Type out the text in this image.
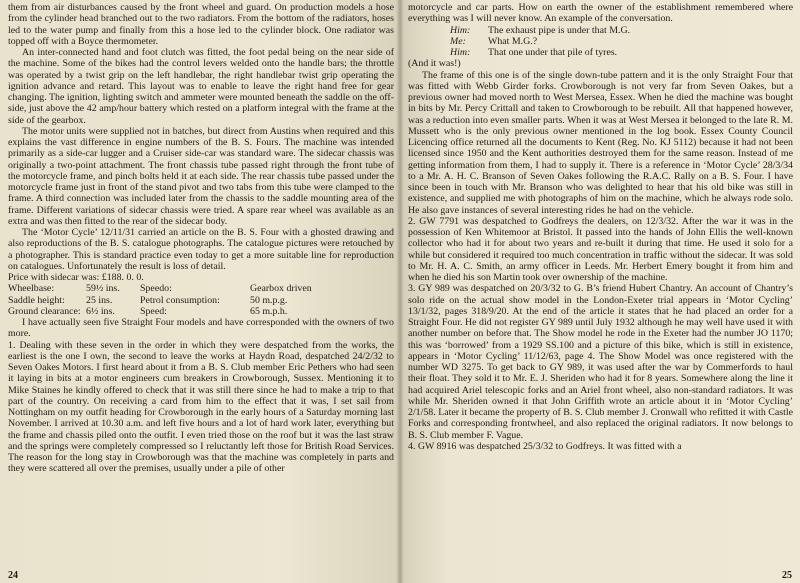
them from air disturbances caused by the front wheel and guard. On production models a hose from the cylinder head branched out to the two radiators. From the bottom of the radiators, hoses led to the water pump and finally from this a hose led to the cylinder block. One radiator was topped off with a Boyce thermometer.

An inter-connected hand and foot clutch was fitted, the foot pedal being on the near side of the machine. Some of the bikes had the control levers welded onto the handle bars; the throttle was operated by a twist grip on the left handlebar, the right handlebar twist grip operating the ignition advance and retard. This layout was to enable to leave the right hand free for gear changing. The ignition, lighting switch and ammeter were mounted beneath the saddle on the off-side, just above the 42 amp/hour battery which rested on a platform integral with the frame at the side of the gearbox.

The motor units were supplied not in batches, but direct from Austins when required and this explains the vast difference in engine numbers of the B. S. Fours. The machine was intended primarily as a side-car lugger and a Cruiser side-car was standard ware. The sidecar chassis was originally a two-point attachment. The front chassis tube passed right through the front tube of the motorcycle frame, and pinch bolts held it at each side. The rear chassis tube passed under the motorcycle frame just in front of the stand pivot and two tabs from this tube were clamped to the frame. A third connection was included later from the chassis to the saddle mounting area of the frame. Different variations of sidecar chassis were tried. A spare rear wheel was available as an extra and was then fitted to the rear of the sidecar body.

The ‘Motor Cycle’ 12/11/31 carried an article on the B. S. Four with a ghosted drawing and also reproductions of the B. S. catalogue photographs. The catalogue pictures were retouched by a photographer. This is standard practice even today to get a more suitable line for reproduction on catalogues. Unfortunately the result is loss of detail.

Price with sidecar was: £188. 0. 0.

Wheelbase:	59½ ins.	Speedo:	Gearbox driven
Saddle height:	25 ins.	Petrol consumption:	50 m.p.g.
Ground clearance:	6½ ins.	Speed:	65 m.p.h.

I have actually seen five Straight Four models and have corresponded with the owners of two more.

1. Dealing with these seven in the order in which they were despatched from the works, the earliest is the one I own, the second to leave the works at Haydn Road, despatched 24/2/32 to Seven Oakes Motors. I first heard about it from a B. S. Club member Eric Pethers who had seen it laying in bits at a motor engineers cum breakers in Crowborough, Sussex. Mentioning it to Mike Staines he kindly offered to check that it was still there since he had to make a trip to that part of the country. On receiving a card from him to the effect that it was, I set sail from Nottingham on my outfit heading for Crowborough in the early hours of a Saturday morning last November. I arrived at 10.30 a.m. and left five hours and a lot of hard work later, everything but the frame and chassis piled onto the outfit. I even tried those on the roof but it was the last straw and the springs were completely compressed so I reluctantly left those for British Road Services. The reason for the long stay in Crowborough was that the machine was completely in parts and they were scattered all over the premises, usually under a pile of other

24

motorcycle and car parts. How on earth the owner of the establishment remembered where everything was I will never know. An example of the conversation.

Him: The exhaust pipe is under that M.G.

Me: What M.G.?

Him: That one under that pile of tyres.

(And it was!)

The frame of this one is of the single down-tube pattern and it is the only Straight Four that was fitted with Webb Girder forks. Crowborough is not very far from Seven Oakes, but a previous owner had moved north to West Mersea, Essex. When he died the machine was bought in bits by Mr. Percy Crittall and taken to Crowborough to be rebuilt. All that happened however, was a reduction into even smaller parts. When it was at West Mersea it belonged to the late R. M. Mussett who is the only previous owner mentioned in the log book. Essex County Council Licencing office returned all the documents to Kent (Reg. No. KJ 5112) because it had not been licensed since 1950 and the Kent authorities destroyed them for the same reason. Instead of me getting information from them, I had to supply it. There is a reference in ‘Motor Cycle’ 28/3/34 to a Mr. A. H. C. Branson of Seven Oakes following the R.A.C. Rally on a B. S. Four. I have since been in touch with Mr. Branson who was delighted to hear that his old bike was still in existence, and supplied me with photographs of him on the machine, which he always rode solo. He also gave instances of several interesting rides he had on the vehicle.

2. GW 7791 was despatched to Godfreys the dealers, on 12/3/32. After the war it was in the possession of Ken Whitemoor at Bristol. It passed into the hands of John Ellis the well-known collector who had it for about two years and re-built it during that time. He used it solo for a while but considered it required too much concentration in traffic without the sidecar. It was sold to Mr. H. A. C. Smith, an army officer in Leeds. Mr. Herbert Emery bought it from him and when he died his son Martin took over ownership of the machine.

3. GY 989 was despatched on 20/3/32 to G. B’s friend Hubert Chantry. An account of Chantry’s solo ride on the actual show model in the London-Exeter trial appears in ‘Motor Cycling’ 13/1/32, pages 318/9/20. At the end of the article it states that he had placed an order for a Straight Four. He did not register GY 989 until July 1932 although he may well have used it with another number on before that. The Show model he rode in the Exeter had the number JO 1170; this was ‘borrowed’ from a 1929 SS.100 and a picture of this bike, which is still in existence, appears in ‘Motor Cycling’ 11/12/63, page 4. The Show Model was once registered with the number WD 3275. To get back to GY 989, it was used after the war by Commerfords to haul their float. They sold it to Mr. E. J. Sheriden who had it for 8 years. Somewhere along the line it had acquired Ariel telescopic forks and an Ariel front wheel, also non-standard radiators. It was while Mr. Sheriden owned it that John Griffith wrote an article about it in ‘Motor Cycling’ 2/1/58. Later it became the property of B. S. Club member J. Cronwall who refitted it with Castle Forks and corresponding frontwheel, and also replaced the original radiators. It now belongs to B. S. Club member F. Vague.

4. GW 8916 was despatched 25/3/32 to Godfreys. It was fitted with a

25
